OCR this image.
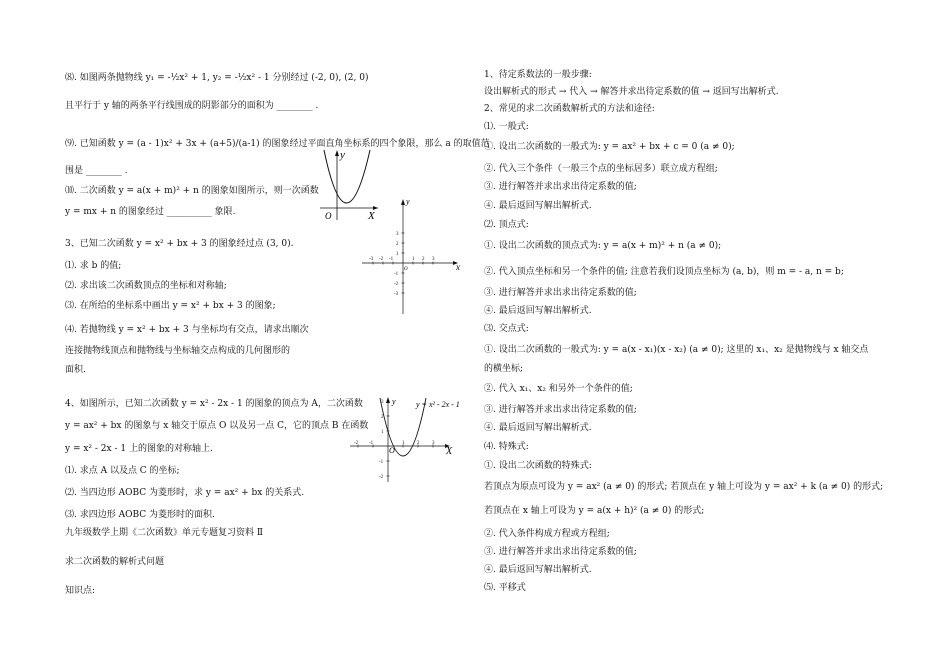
⑻. 如图两条抛物线 y₁ = -½x² + 1, y₂ = -½x² - 1 分别经过 (-2, 0), (2, 0)
且平行于 y 轴的两条平行线围成的阴影部分的面积为 ________ .
⑼. 已知函数 y = (a - 1)x² + 3x + (a+5)/(a-1) 的图象经过平面直角坐标系的四个象限，那么 a 的取值范
围是 ________ .
⑽. 二次函数 y = a(x + m)² + n 的图象如图所示，则一次函数
y = mx + n 的图象经过 __________ 象限.
3、已知二次函数 y = x² + bx + 3 的图象经过点 (3, 0).
⑴. 求 b 的值;
⑵. 求出该二次函数顶点的坐标和对称轴;
⑶. 在所给的坐标系中画出 y = x² + bx + 3 的图象;
⑷. 若抛物线 y = x² + bx + 3 与坐标均有交点，请求出顺次
连接抛物线顶点和抛物线与坐标轴交点构成的几何图形的
面积.
4、如图所示，已知二次函数 y = x² - 2x - 1 的图象的顶点为 A，二次函数
y = ax² + bx 的图象与 x 轴交于原点 O 以及另一点 C，它的顶点 B 在函数
y = x² - 2x - 1 上的图象的对称轴上.
⑴. 求点 A 以及点 C 的坐标;
⑵. 当四边形 AOBC 为菱形时，求 y = ax² + bx 的关系式.
⑶. 求四边形 AOBC 为菱形时的面积.
九年级数学上期《二次函数》单元专题复习资料 Ⅱ
求二次函数的解析式问题
知识点:
y
X
O
-3 -2 -1	1 2 3
3
2
1
-1
-2
-3
y
x
O
-2 -1	1	2	3
3
2
1
-1
-2
y
X
O
y = x² - 2x - 1
1、待定系数法的一般步骤:
设出解析式的形式 → 代入 → 解答并求出待定系数的值 → 返回写出解析式.
2、常见的求二次函数解析式的方法和途径:
⑴. 一般式:
①. 设出二次函数的一般式为: y = ax² + bx + c = 0 (a ≠ 0);
②. 代入三个条件（一般三个点的坐标居多）联立成方程组;
③. 进行解答并求出求出待定系数的值;
④. 最后返回写解出解析式.
⑵. 顶点式:
①. 设出二次函数的顶点式为: y = a(x + m)² + n (a ≠ 0);
②. 代入顶点坐标和另一个条件的值; 注意若我们设顶点坐标为 (a, b)，则 m = - a, n = b;
③. 进行解答并求出求出待定系数的值;
④. 最后返回写解出解析式.
⑶. 交点式:
①. 设出二次函数的一般式为: y = a(x - x₁)(x - x₂) (a ≠ 0); 这里的 x₁、x₂ 是抛物线与 x 轴交点
的横坐标;
②. 代入 x₁、x₂ 和另外一个条件的值;
③. 进行解答并求出求出待定系数的值;
④. 最后返回写解出解析式.
⑷. 特殊式:
①. 设出二次函数的特殊式:
若顶点为原点可设为 y = ax² (a ≠ 0) 的形式; 若顶点在 y 轴上可设为 y = ax² + k (a ≠ 0) 的形式;
若顶点在 x 轴上可设为 y = a(x + h)² (a ≠ 0) 的形式;
②. 代入条件构成方程或方程组;
③. 进行解答并求出求出待定系数的值;
④. 最后返回写解出解析式.
⑸. 平移式
